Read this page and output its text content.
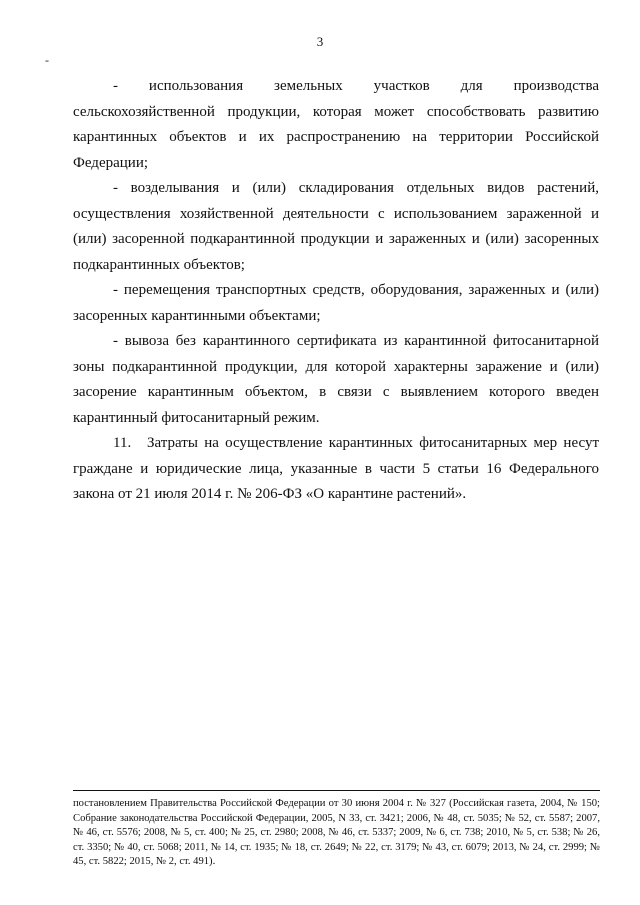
3
-

- использования земельных участков для производства сельскохозяйственной продукции, которая может способствовать развитию карантинных объектов и их распространению на территории Российской Федерации;

- возделывания и (или) складирования отдельных видов растений, осуществления хозяйственной деятельности с использованием зараженной и (или) засоренной подкарантинной продукции и зараженных и (или) засоренных подкарантинных объектов;

- перемещения транспортных средств, оборудования, зараженных и (или) засоренных карантинными объектами;

- вывоза без карантинного сертификата из карантинной фитосанитарной зоны подкарантинной продукции, для которой характерны заражение и (или) засорение карантинным объектом, в связи с выявлением которого введен карантинный фитосанитарный режим.

11. Затраты на осуществление карантинных фитосанитарных мер несут граждане и юридические лица, указанные в части 5 статьи 16 Федерального закона от 21 июля 2014 г. № 206-ФЗ «О карантине растений».

постановлением Правительства Российской Федерации от 30 июня 2004 г. № 327 (Российская газета, 2004, № 150; Собрание законодательства Российской Федерации, 2005, N 33, ст. 3421; 2006, № 48, ст. 5035; № 52, ст. 5587; 2007, № 46, ст. 5576; 2008, № 5, ст. 400; № 25, ст. 2980; 2008, № 46, ст. 5337; 2009, № 6, ст. 738; 2010, № 5, ст. 538; № 26, ст. 3350; № 40, ст. 5068; 2011, № 14, ст. 1935; № 18, ст. 2649; № 22, ст. 3179; № 43, ст. 6079; 2013, № 24, ст. 2999; № 45, ст. 5822; 2015, № 2, ст. 491).
